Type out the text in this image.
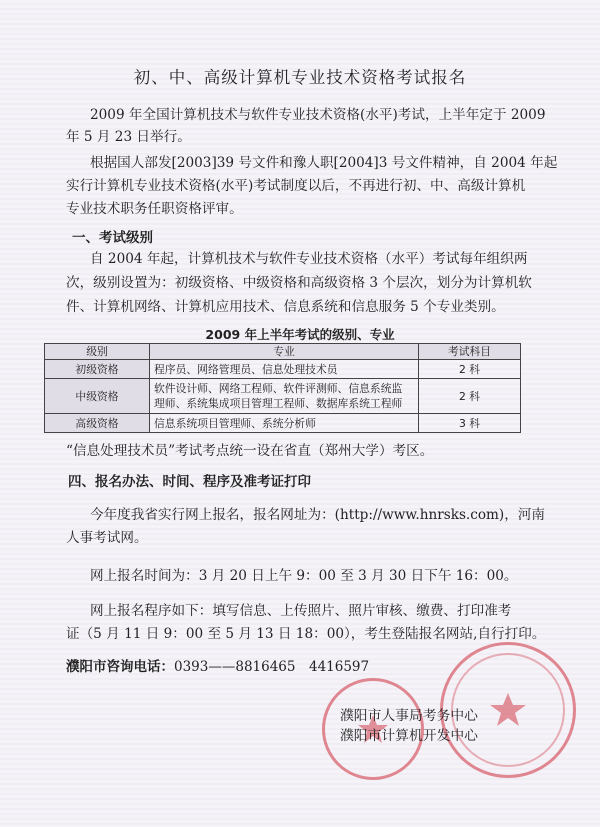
初、中、高级计算机专业技术资格考试报名

2009 年全国计算机技术与软件专业技术资格(水平)考试，上半年定于 2009

年 5 月 23 日举行。

根据国人部发[2003]39 号文件和豫人职[2004]3 号文件精神，自 2004 年起

实行计算机专业技术资格(水平)考试制度以后，不再进行初、中、高级计算机

专业技术职务任职资格评审。

一、考试级别

自 2004 年起，计算机技术与软件专业技术资格（水平）考试每年组织两

次，级别设置为：初级资格、中级资格和高级资格 3 个层次，划分为计算机软

件、计算机网络、计算机应用技术、信息系统和信息服务 5 个专业类别。

2009 年上半年考试的级别、专业
级别	专业	考试科目
初级资格	程序员、网络管理员、信息处理技术员	2 科
中级资格	软件设计师、网络工程师、软件评测师、信息系统监
理师、系统集成项目管理工程师、数据库系统工程师	2 科
高级资格	信息系统项目管理师、系统分析师	3 科

“信息处理技术员”考试考点统一设在省直（郑州大学）考区。

四、报名办法、时间、程序及准考证打印

今年度我省实行网上报名，报名网址为：(http://www.hnrsks.com)，河南

人事考试网。

网上报名时间为：3 月 20 日上午 9：00 至 3 月 30 日下午 16：00。

网上报名程序如下：填写信息、上传照片、照片审核、缴费、打印准考

证（5 月 11 日 9：00 至 5 月 13 日 18：00），考生登陆报名网站,自行打印。

濮阳市咨询电话：0393——8816465　4416597
濮阳市人事局考务中心
濮阳市计算机开发中心
